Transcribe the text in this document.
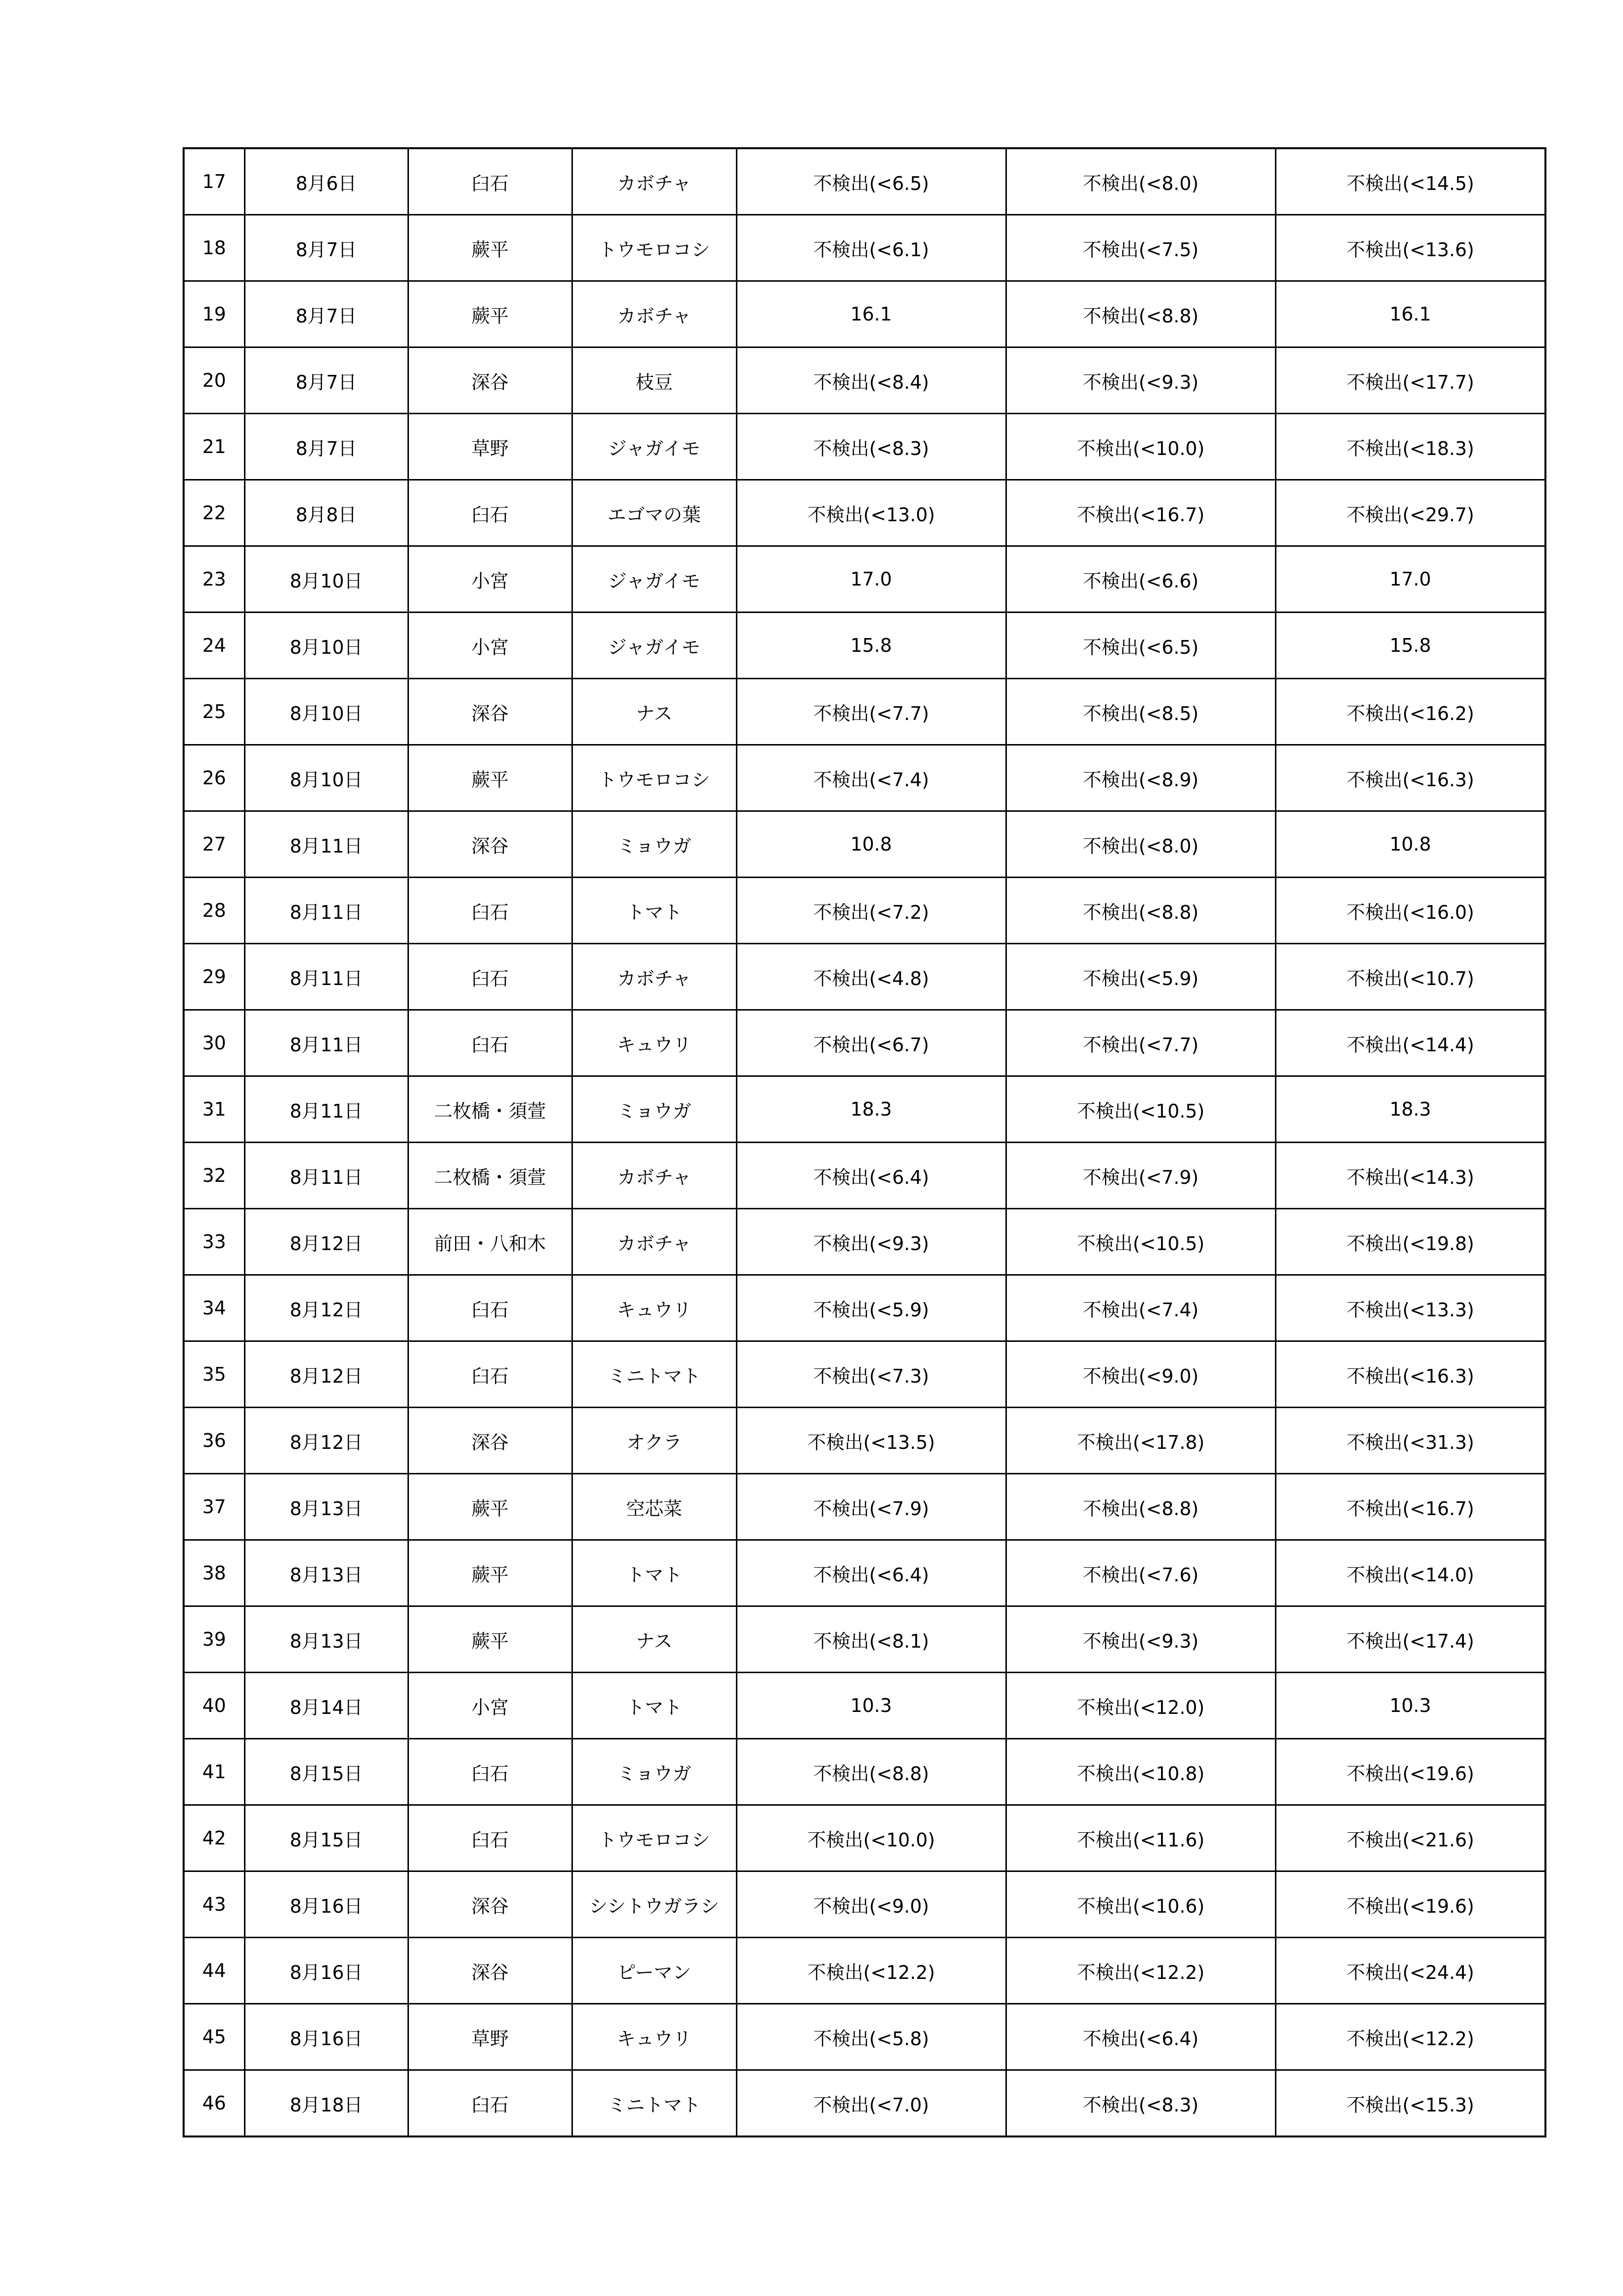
17	8月6日	臼石	カボチャ	不検出(<6.5)	不検出(<8.0)	不検出(<14.5)
18	8月7日	蕨平	トウモロコシ	不検出(<6.1)	不検出(<7.5)	不検出(<13.6)
19	8月7日	蕨平	カボチャ	16.1	不検出(<8.8)	16.1
20	8月7日	深谷	枝豆	不検出(<8.4)	不検出(<9.3)	不検出(<17.7)
21	8月7日	草野	ジャガイモ	不検出(<8.3)	不検出(<10.0)	不検出(<18.3)
22	8月8日	臼石	エゴマの葉	不検出(<13.0)	不検出(<16.7)	不検出(<29.7)
23	8月10日	小宮	ジャガイモ	17.0	不検出(<6.6)	17.0
24	8月10日	小宮	ジャガイモ	15.8	不検出(<6.5)	15.8
25	8月10日	深谷	ナス	不検出(<7.7)	不検出(<8.5)	不検出(<16.2)
26	8月10日	蕨平	トウモロコシ	不検出(<7.4)	不検出(<8.9)	不検出(<16.3)
27	8月11日	深谷	ミョウガ	10.8	不検出(<8.0)	10.8
28	8月11日	臼石	トマト	不検出(<7.2)	不検出(<8.8)	不検出(<16.0)
29	8月11日	臼石	カボチャ	不検出(<4.8)	不検出(<5.9)	不検出(<10.7)
30	8月11日	臼石	キュウリ	不検出(<6.7)	不検出(<7.7)	不検出(<14.4)
31	8月11日	二枚橋・須萱	ミョウガ	18.3	不検出(<10.5)	18.3
32	8月11日	二枚橋・須萱	カボチャ	不検出(<6.4)	不検出(<7.9)	不検出(<14.3)
33	8月12日	前田・八和木	カボチャ	不検出(<9.3)	不検出(<10.5)	不検出(<19.8)
34	8月12日	臼石	キュウリ	不検出(<5.9)	不検出(<7.4)	不検出(<13.3)
35	8月12日	臼石	ミニトマト	不検出(<7.3)	不検出(<9.0)	不検出(<16.3)
36	8月12日	深谷	オクラ	不検出(<13.5)	不検出(<17.8)	不検出(<31.3)
37	8月13日	蕨平	空芯菜	不検出(<7.9)	不検出(<8.8)	不検出(<16.7)
38	8月13日	蕨平	トマト	不検出(<6.4)	不検出(<7.6)	不検出(<14.0)
39	8月13日	蕨平	ナス	不検出(<8.1)	不検出(<9.3)	不検出(<17.4)
40	8月14日	小宮	トマト	10.3	不検出(<12.0)	10.3
41	8月15日	臼石	ミョウガ	不検出(<8.8)	不検出(<10.8)	不検出(<19.6)
42	8月15日	臼石	トウモロコシ	不検出(<10.0)	不検出(<11.6)	不検出(<21.6)
43	8月16日	深谷	シシトウガラシ	不検出(<9.0)	不検出(<10.6)	不検出(<19.6)
44	8月16日	深谷	ピーマン	不検出(<12.2)	不検出(<12.2)	不検出(<24.4)
45	8月16日	草野	キュウリ	不検出(<5.8)	不検出(<6.4)	不検出(<12.2)
46	8月18日	臼石	ミニトマト	不検出(<7.0)	不検出(<8.3)	不検出(<15.3)
